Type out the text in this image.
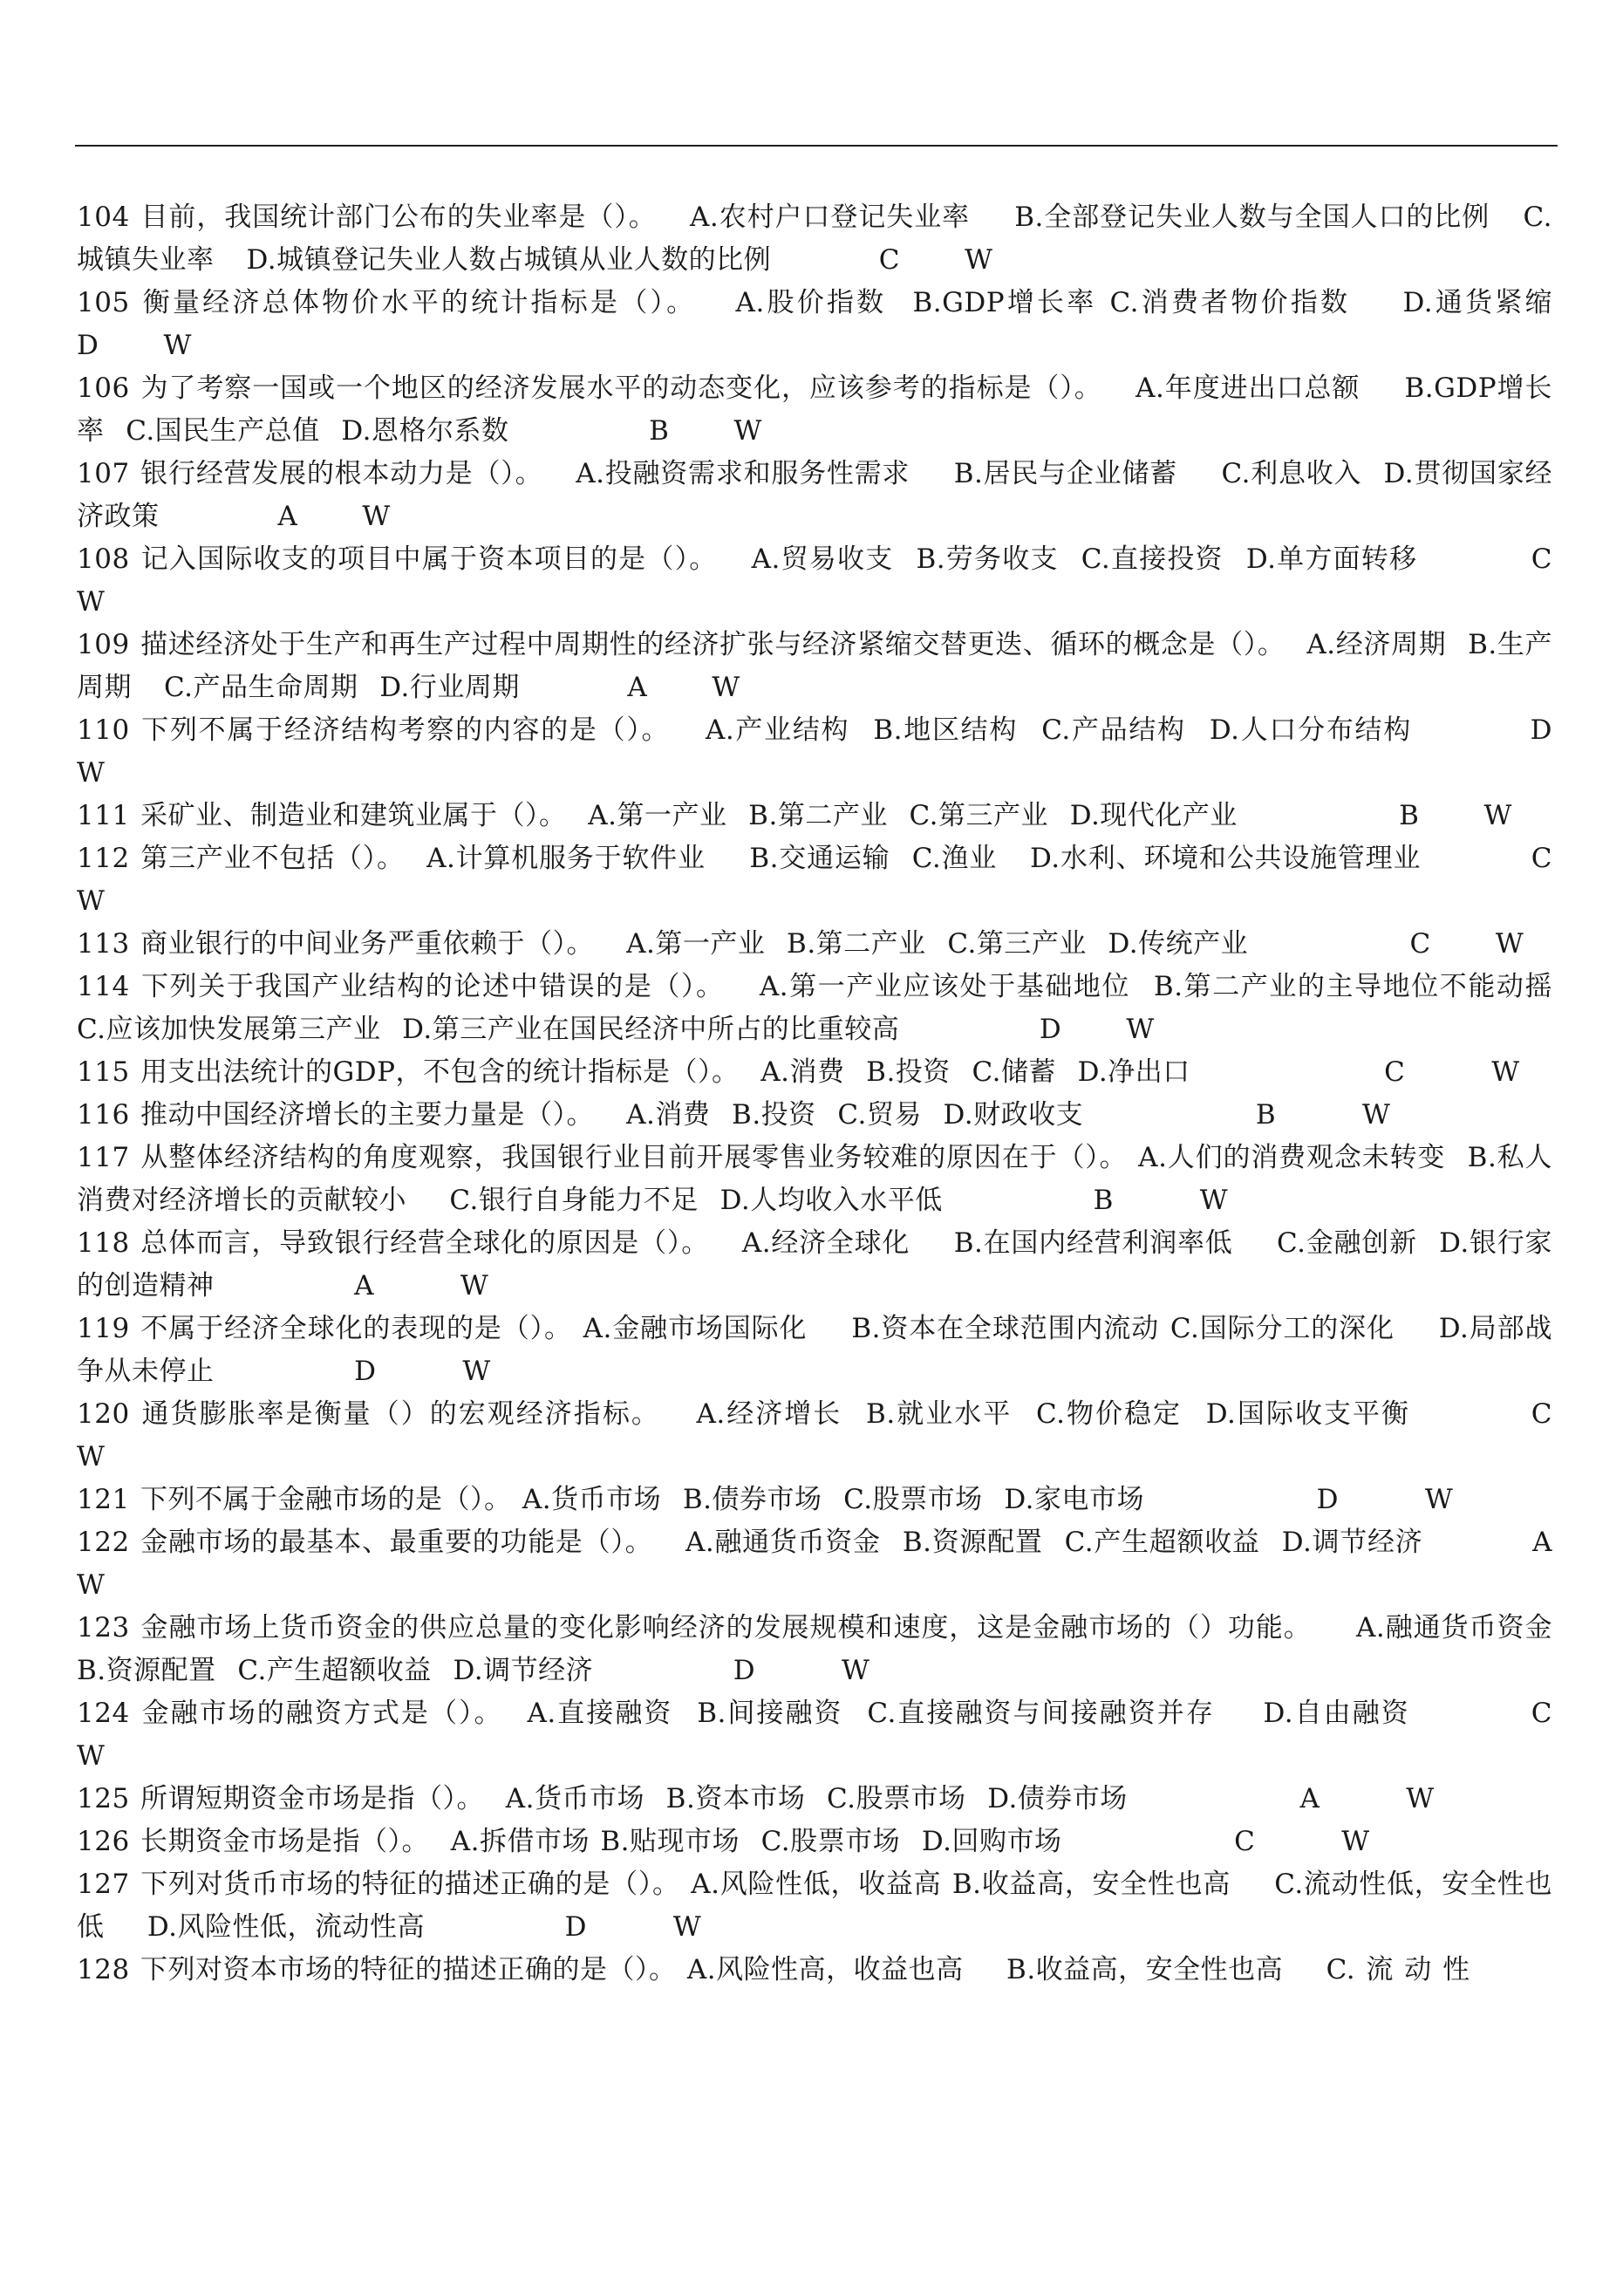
104 目前，我国统计部门公布的失业率是（）。   A.农村户口登记失业率    B.全部登记失业人数与全国人口的比例   C.城镇失业率   D.城镇登记失业人数占城镇从业人数的比例	C W

105 衡量经济总体物价水平的统计指标是（）。   A.股价指数  B.GDP增长率 C.消费者物价指数    D.通货紧缩          D W

106 为了考察一国或一个地区的经济发展水平的动态变化，应该参考的指标是（）。   A.年度进出口总额    B.GDP增长率  C.国民生产总值  D.恩格尔系数	B W

107 银行经营发展的根本动力是（）。   A.投融资需求和服务性需求    B.居民与企业储蓄    C.利息收入  D.贯彻国家经济政策	A W

108 记入国际收支的项目中属于资本项目的是（）。   A.贸易收支  B.劳务收支  C.直接投资  D.单方面转移	C      W

109 描述经济处于生产和再生产过程中周期性的经济扩张与经济紧缩交替更迭、循环的概念是（）。  A.经济周期  B.生产周期   C.产品生命周期  D.行业周期	A W

110 下列不属于经济结构考察的内容的是（）。   A.产业结构  B.地区结构  C.产品结构  D.人口分布结构	D      W

111 采矿业、制造业和建筑业属于（）。  A.第一产业  B.第二产业  C.第三产业  D.现代化产业	B W

112 第三产业不包括（）。  A.计算机服务于软件业    B.交通运输  C.渔业   D.水利、环境和公共设施管理业	C      W

113 商业银行的中间业务严重依赖于（）。   A.第一产业  B.第二产业  C.第三产业  D.传统产业	C W

114 下列关于我国产业结构的论述中错误的是（）。   A.第一产业应该处于基础地位  B.第二产业的主导地位不能动摇  C.应该加快发展第三产业  D.第三产业在国民经济中所占的比重较高	D W

115 用支出法统计的GDP，不包含的统计指标是（）。  A.消费  B.投资  C.储蓄  D.净出口	C	W

116 推动中国经济增长的主要力量是（）。   A.消费  B.投资  C.贸易  D.财政收支	B	W

117 从整体经济结构的角度观察，我国银行业目前开展零售业务较难的原因在于（）。 A.人们的消费观念未转变  B.私人消费对经济增长的贡献较小    C.银行自身能力不足  D.人均收入水平低	B	W

118 总体而言，导致银行经营全球化的原因是（）。   A.经济全球化    B.在国内经营利润率低    C.金融创新  D.银行家的创造精神	A	W

119 不属于经济全球化的表现的是（）。 A.金融市场国际化    B.资本在全球范围内流动 C.国际分工的深化    D.局部战争从未停止	D	W

120 通货膨胀率是衡量（）的宏观经济指标。   A.经济增长  B.就业水平  C.物价稳定  D.国际收支平衡	C      W

121 下列不属于金融市场的是（）。 A.货币市场  B.债券市场  C.股票市场  D.家电市场	D	W

122 金融市场的最基本、最重要的功能是（）。   A.融通货币资金  B.资源配置  C.产生超额收益  D.调节经济	A      W

123 金融市场上货币资金的供应总量的变化影响经济的发展规模和速度，这是金融市场的（）功能。    A.融通货币资金    B.资源配置  C.产生超额收益  D.调节经济	D	W

124 金融市场的融资方式是（）。  A.直接融资  B.间接融资  C.直接融资与间接融资并存    D.自由融资	C      W

125 所谓短期资金市场是指（）。  A.货币市场  B.资本市场  C.股票市场  D.债券市场	A	W

126 长期资金市场是指（）。  A.拆借市场 B.贴现市场  C.股票市场  D.回购市场	C	W

127 下列对货币市场的特征的描述正确的是（）。 A.风险性低，收益高 B.收益高，安全性也高    C.流动性低，安全性也低    D.风险性低，流动性高	D	W

128 下列对资本市场的特征的描述正确的是（）。 A.风险性高，收益也高    B.收益高，安全性也高    C. 流 动 性
